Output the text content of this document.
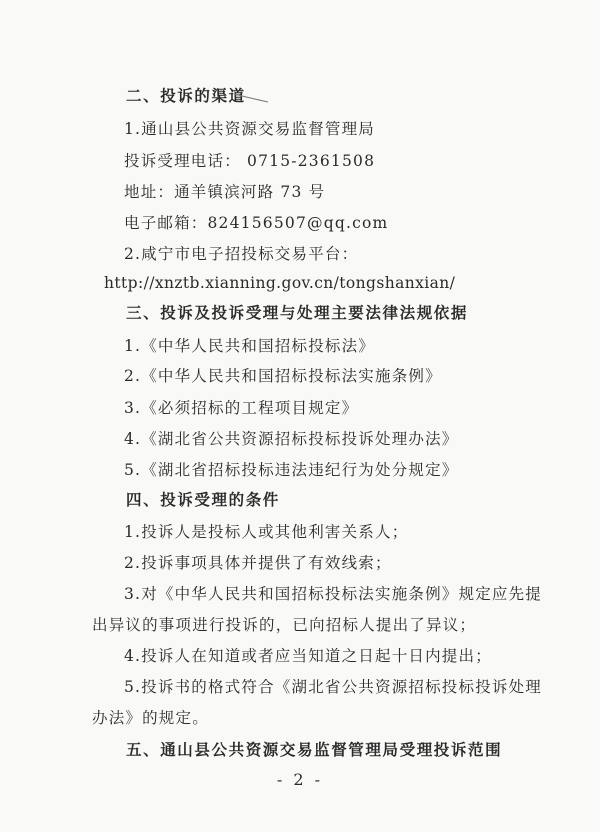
二、投诉的渠道
1.通山县公共资源交易监督管理局
投诉受理电话： 0715-2361508
地址：通羊镇滨河路 73 号
电子邮箱：824156507@qq.com
2.咸宁市电子招投标交易平台：
http://xnztb.xianning.gov.cn/tongshanxian/
三、投诉及投诉受理与处理主要法律法规依据
1.《中华人民共和国招标投标法》
2.《中华人民共和国招标投标法实施条例》
3.《必须招标的工程项目规定》
4.《湖北省公共资源招标投标投诉处理办法》
5.《湖北省招标投标违法违纪行为处分规定》
四、投诉受理的条件
1.投诉人是投标人或其他利害关系人；
2.投诉事项具体并提供了有效线索；
3.对《中华人民共和国招标投标法实施条例》规定应先提
出异议的事项进行投诉的，已向招标人提出了异议；
4.投诉人在知道或者应当知道之日起十日内提出；
5.投诉书的格式符合《湖北省公共资源招标投标投诉处理
办法》的规定。
五、通山县公共资源交易监督管理局受理投诉范围
- 2 -
